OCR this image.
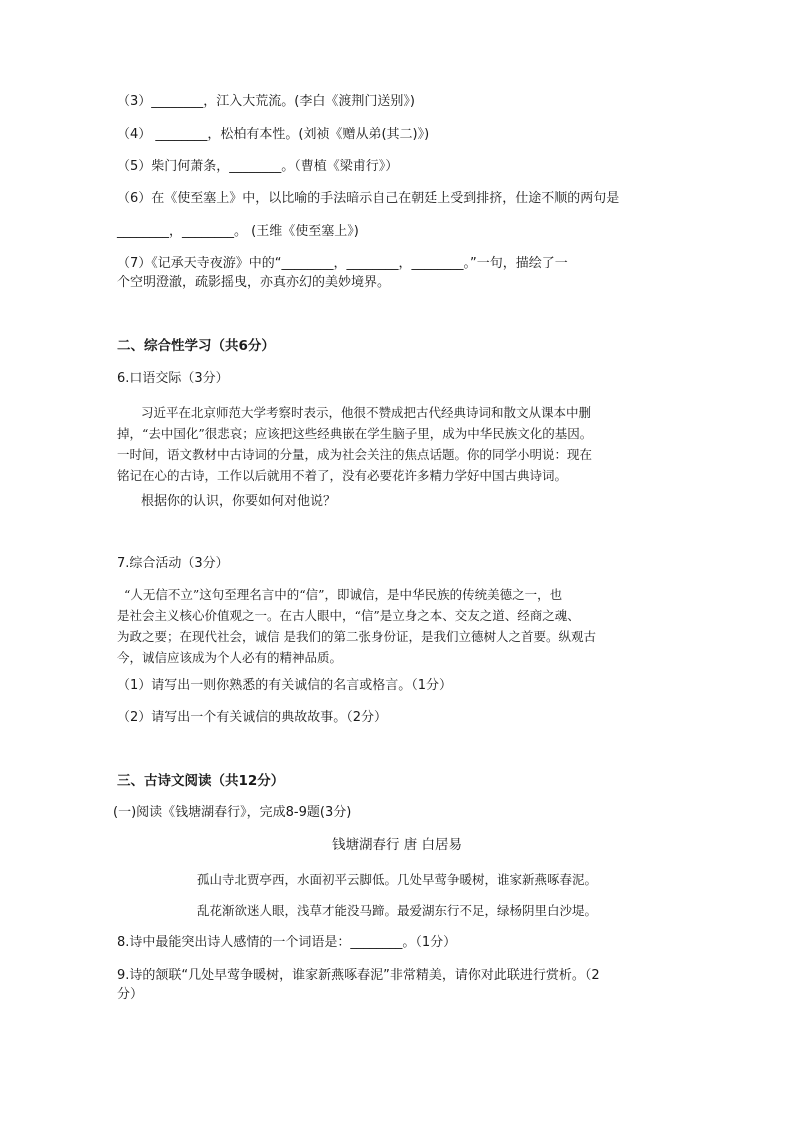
（3）________，江入大荒流。(李白《渡荆门送别》)
（4） ________，松柏有本性。(刘祯《赠从弟(其二)》)
（5）柴门何萧条，________。（曹植《梁甫行》）
（6）在《使至塞上》中，以比喻的手法暗示自己在朝廷上受到排挤，仕途不顺的两句是
________，________。 (王维《使至塞上》)
（7）《记承天寺夜游》中的“________，________，________。”一句，描绘了一
个空明澄澈，疏影摇曳，亦真亦幻的美妙境界。
二、综合性学习（共6分）
6.口语交际（3分）
习近平在北京师范大学考察时表示，他很不赞成把古代经典诗词和散文从课本中删
掉，“去中国化”很悲哀；应该把这些经典嵌在学生脑子里，成为中华民族文化的基因。
一时间，语文教材中古诗词的分量，成为社会关注的焦点话题。你的同学小明说：现在
铭记在心的古诗，工作以后就用不着了，没有必要花许多精力学好中国古典诗词。
根据你的认识，你要如何对他说？
7.综合活动（3分）
“人无信不立”这句至理名言中的“信”，即诚信，是中华民族的传统美德之一，也
是社会主义核心价值观之一。在古人眼中，“信”是立身之本、交友之道、经商之魂、
为政之要；在现代社会，诚信 是我们的第二张身份证，是我们立德树人之首要。纵观古
今，诚信应该成为个人必有的精神品质。
（1）请写出一则你熟悉的有关诚信的名言或格言。（1分）
（2）请写出一个有关诚信的典故故事。（2分）
三、古诗文阅读（共12分）
(一)阅读《钱塘湖春行》，完成8-9题(3分)
钱塘湖春行 唐 白居易
孤山寺北贾亭西，水面初平云脚低。几处早莺争暖树，谁家新燕啄春泥。
乱花渐欲迷人眼，浅草才能没马蹄。最爱湖东行不足，绿杨阴里白沙堤。
8.诗中最能突出诗人感情的一个词语是：________。（1分）
9.诗的颔联“几处早莺争暖树，谁家新燕啄春泥”非常精美，请你对此联进行赏析。（2
分）
